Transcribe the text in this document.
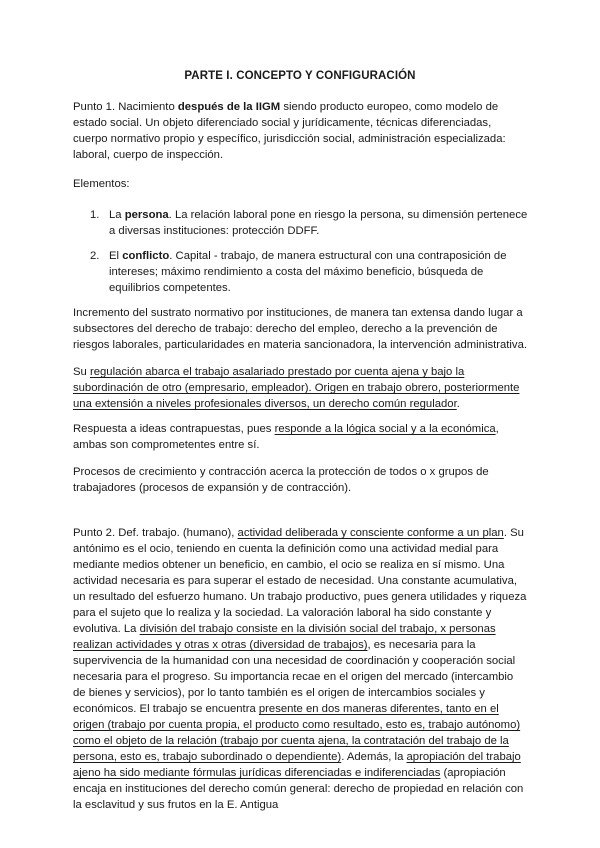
PARTE I. CONCEPTO Y CONFIGURACIÓN

Punto 1. Nacimiento después de la IIGM siendo producto europeo, como modelo de estado social. Un objeto diferenciado social y jurídicamente, técnicas diferenciadas, cuerpo normativo propio y específico, jurisdicción social, administración especializada: laboral, cuerpo de inspección.

Elementos:

1. La persona. La relación laboral pone en riesgo la persona, su dimensión pertenece a diversas instituciones: protección DDFF.
2. El conflicto. Capital - trabajo, de manera estructural con una contraposición de intereses; máximo rendimiento a costa del máximo beneficio, búsqueda de equilibrios competentes.

Incremento del sustrato normativo por instituciones, de manera tan extensa dando lugar a subsectores del derecho de trabajo: derecho del empleo, derecho a la prevención de riesgos laborales, particularidades en materia sancionadora, la intervención administrativa.

Su regulación abarca el trabajo asalariado prestado por cuenta ajena y bajo la subordinación de otro (empresario, empleador). Origen en trabajo obrero, posteriormente una extensión a niveles profesionales diversos, un derecho común regulador.

Respuesta a ideas contrapuestas, pues responde a la lógica social y a la económica, ambas son comprometentes entre sí.

Procesos de crecimiento y contracción acerca la protección de todos o x grupos de trabajadores (procesos de expansión y de contracción).

Punto 2. Def. trabajo. (humano), actividad deliberada y consciente conforme a un plan. Su antónimo es el ocio, teniendo en cuenta la definición como una actividad medial para mediante medios obtener un beneficio, en cambio, el ocio se realiza en sí mismo. Una actividad necesaria es para superar el estado de necesidad. Una constante acumulativa, un resultado del esfuerzo humano. Un trabajo productivo, pues genera utilidades y riqueza para el sujeto que lo realiza y la sociedad. La valoración laboral ha sido constante y evolutiva. La división del trabajo consiste en la división social del trabajo, x personas realizan actividades y otras x otras (diversidad de trabajos), es necesaria para la supervivencia de la humanidad con una necesidad de coordinación y cooperación social necesaria para el progreso. Su importancia recae en el origen del mercado (intercambio de bienes y servicios), por lo tanto también es el origen de intercambios sociales y económicos. El trabajo se encuentra presente en dos maneras diferentes, tanto en el origen (trabajo por cuenta propia, el producto como resultado, esto es, trabajo autónomo) como el objeto de la relación (trabajo por cuenta ajena, la contratación del trabajo de la persona, esto es, trabajo subordinado o dependiente). Además, la apropiación del trabajo ajeno ha sido mediante fórmulas jurídicas diferenciadas e indiferenciadas (apropiación encaja en instituciones del derecho común general: derecho de propiedad en relación con la esclavitud y sus frutos en la E. Antigua
